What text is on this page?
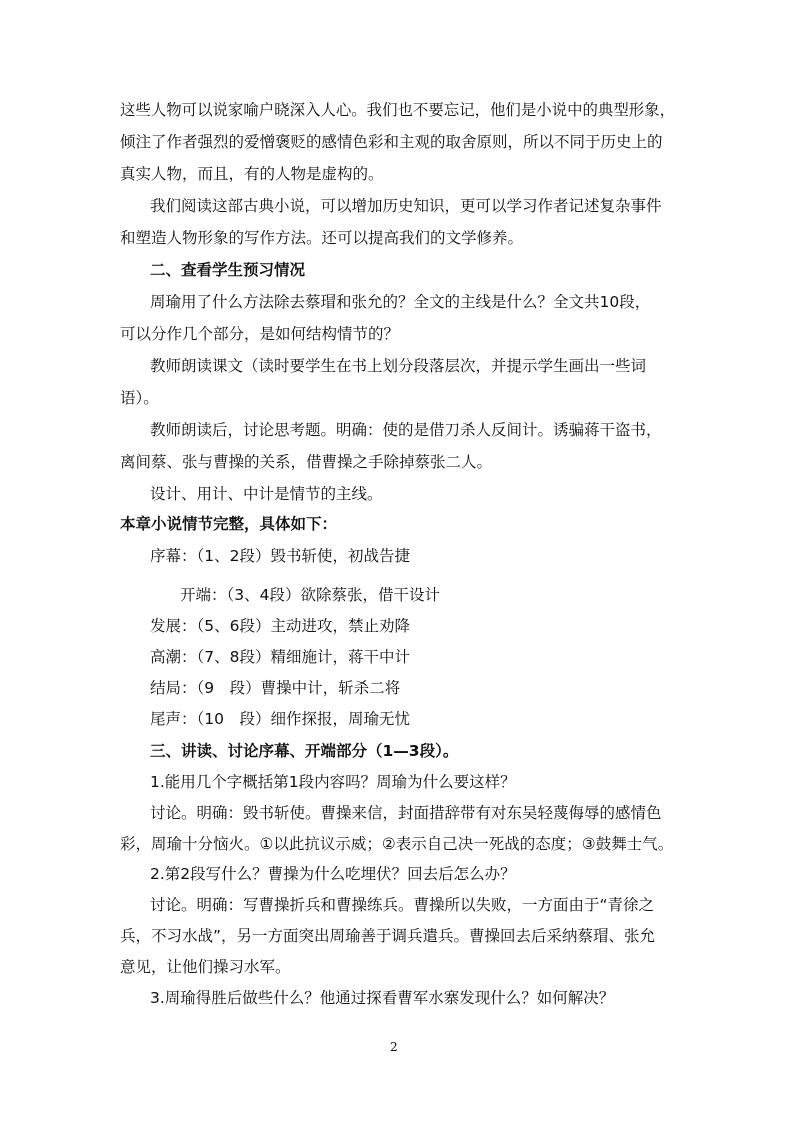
这些人物可以说家喻户晓深入人心。我们也不要忘记，他们是小说中的典型形象，
倾注了作者强烈的爱憎褒贬的感情色彩和主观的取舍原则，所以不同于历史上的
真实人物，而且，有的人物是虚构的。
我们阅读这部古典小说，可以增加历史知识，更可以学习作者记述复杂事件
和塑造人物形象的写作方法。还可以提高我们的文学修养。
二、查看学生预习情况
周瑜用了什么方法除去蔡瑁和张允的？全文的主线是什么？全文共10段，
可以分作几个部分，是如何结构情节的？
教师朗读课文（读时要学生在书上划分段落层次，并提示学生画出一些词
语）。
教师朗读后，讨论思考题。明确：使的是借刀杀人反间计。诱骗蒋干盗书，
离间蔡、张与曹操的关系，借曹操之手除掉蔡张二人。
设计、用计、中计是情节的主线。
本章小说情节完整，具体如下：
序幕：（1、2段）毁书斩使，初战告捷
开端：（3、4段）欲除蔡张，借干设计
发展：（5、6段）主动进攻，禁止劝降
高潮：（7、8段）精细施计，蒋干中计
结局：（9　段）曹操中计，斩杀二将
尾声：（10　段）细作探报，周瑜无忧
三、讲读、讨论序幕、开端部分（1—3段）。
1.能用几个字概括第1段内容吗？周瑜为什么要这样？
讨论。明确：毁书斩使。曹操来信，封面措辞带有对东吴轻蔑侮辱的感情色
彩，周瑜十分恼火。①以此抗议示威；②表示自己决一死战的态度；③鼓舞士气。
2.第2段写什么？曹操为什么吃埋伏？回去后怎么办？
讨论。明确：写曹操折兵和曹操练兵。曹操所以失败，一方面由于“青徐之
兵，不习水战”，另一方面突出周瑜善于调兵遣兵。曹操回去后采纳蔡瑁、张允
意见，让他们操习水军。
3.周瑜得胜后做些什么？他通过探看曹军水寨发现什么？如何解决？
2
